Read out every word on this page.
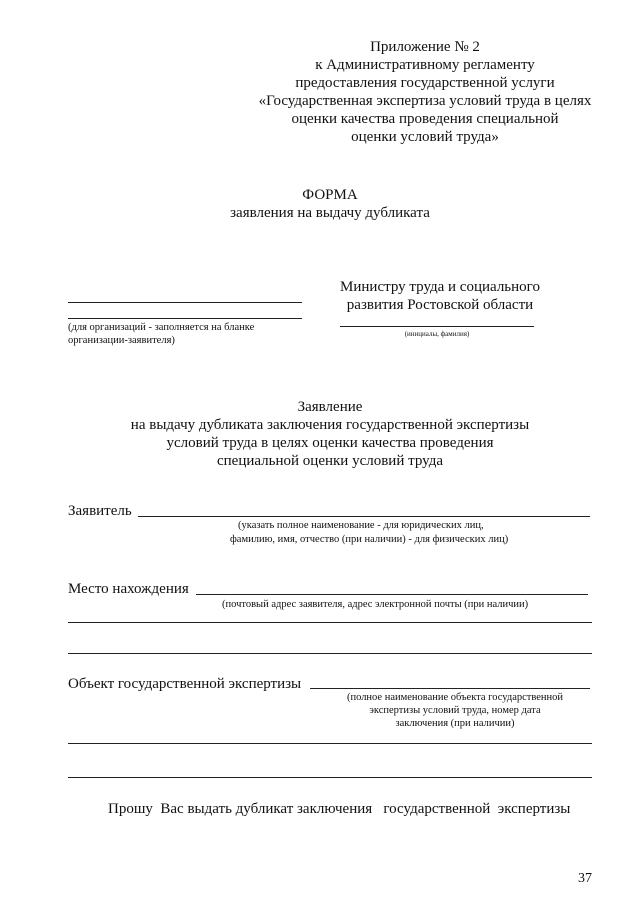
Приложение № 2
к Административному регламенту
предоставления государственной услуги
«Государственная экспертиза условий труда в целях
оценки качества проведения специальной
оценки условий труда»
ФОРМА
заявления на выдачу дубликата
Министру труда и социального
развития Ростовской области
(инициалы, фамилия)
(для организаций - заполняется на бланке
организации-заявителя)
Заявление
на выдачу дубликата заключения государственной экспертизы
условий труда в целях оценки качества проведения
специальной оценки условий труда
Заявитель
(указать полное наименование - для юридических лиц,
фамилию, имя, отчество (при наличии) - для физических лиц)
Место нахождения
(почтовый адрес заявителя, адрес электронной почты (при наличии)
Объект государственной экспертизы
(полное наименование объекта государственной
экспертизы условий труда, номер дата
заключения (при наличии)
Прошу  Вас выдать дубликат заключения   государственной  экспертизы
37
